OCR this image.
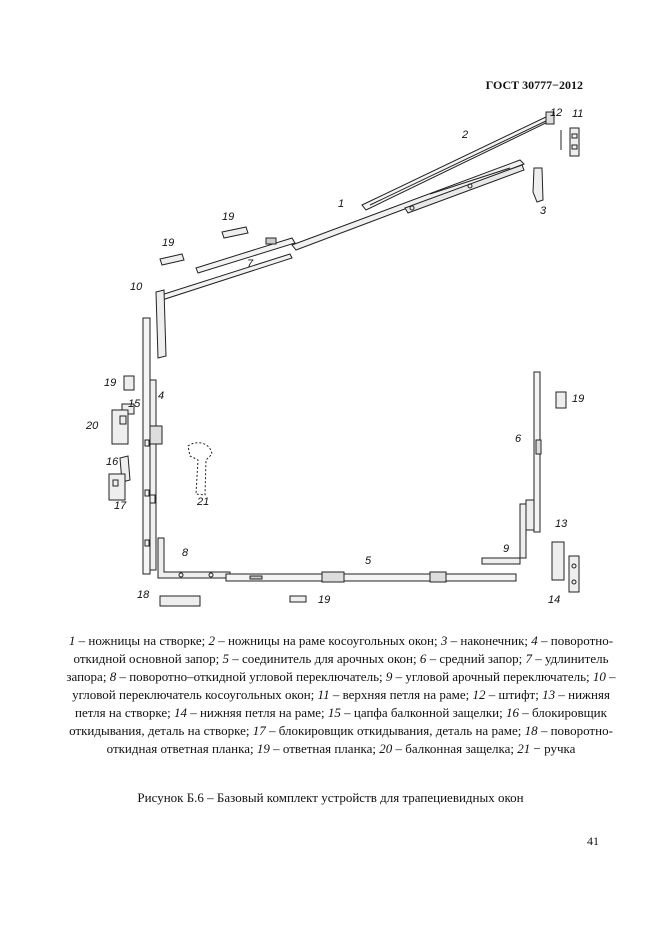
ГОСТ 30777−2012
2
12 11
3
1
19
19
7
10
19
4
15
20
16
17	21
19
6
13
9
8
5
14
18	19
1 – ножницы на створке; 2 – ножницы на раме косоугольных окон; 3 – наконечник; 4 – поворотно-откидной основной запор; 5 – соединитель для арочных окон; 6 – средний запор; 7 – удлинитель запора; 8 – поворотно–откидной угловой переключатель; 9 – угловой арочный переключатель; 10 – угловой переключатель косоугольных окон; 11 – верхняя петля на раме; 12 – штифт; 13 – нижняя петля на створке; 14 – нижняя петля на раме; 15 – цапфа балконной защелки; 16 – блокировщик откидывания, деталь на створке; 17 – блокировщик откидывания, деталь на раме; 18 – поворотно-откидная ответная планка; 19 – ответная планка; 20 – балконная защелка; 21 − ручка
Рисунок Б.6 – Базовый комплект устройств для трапециевидных окон
41
